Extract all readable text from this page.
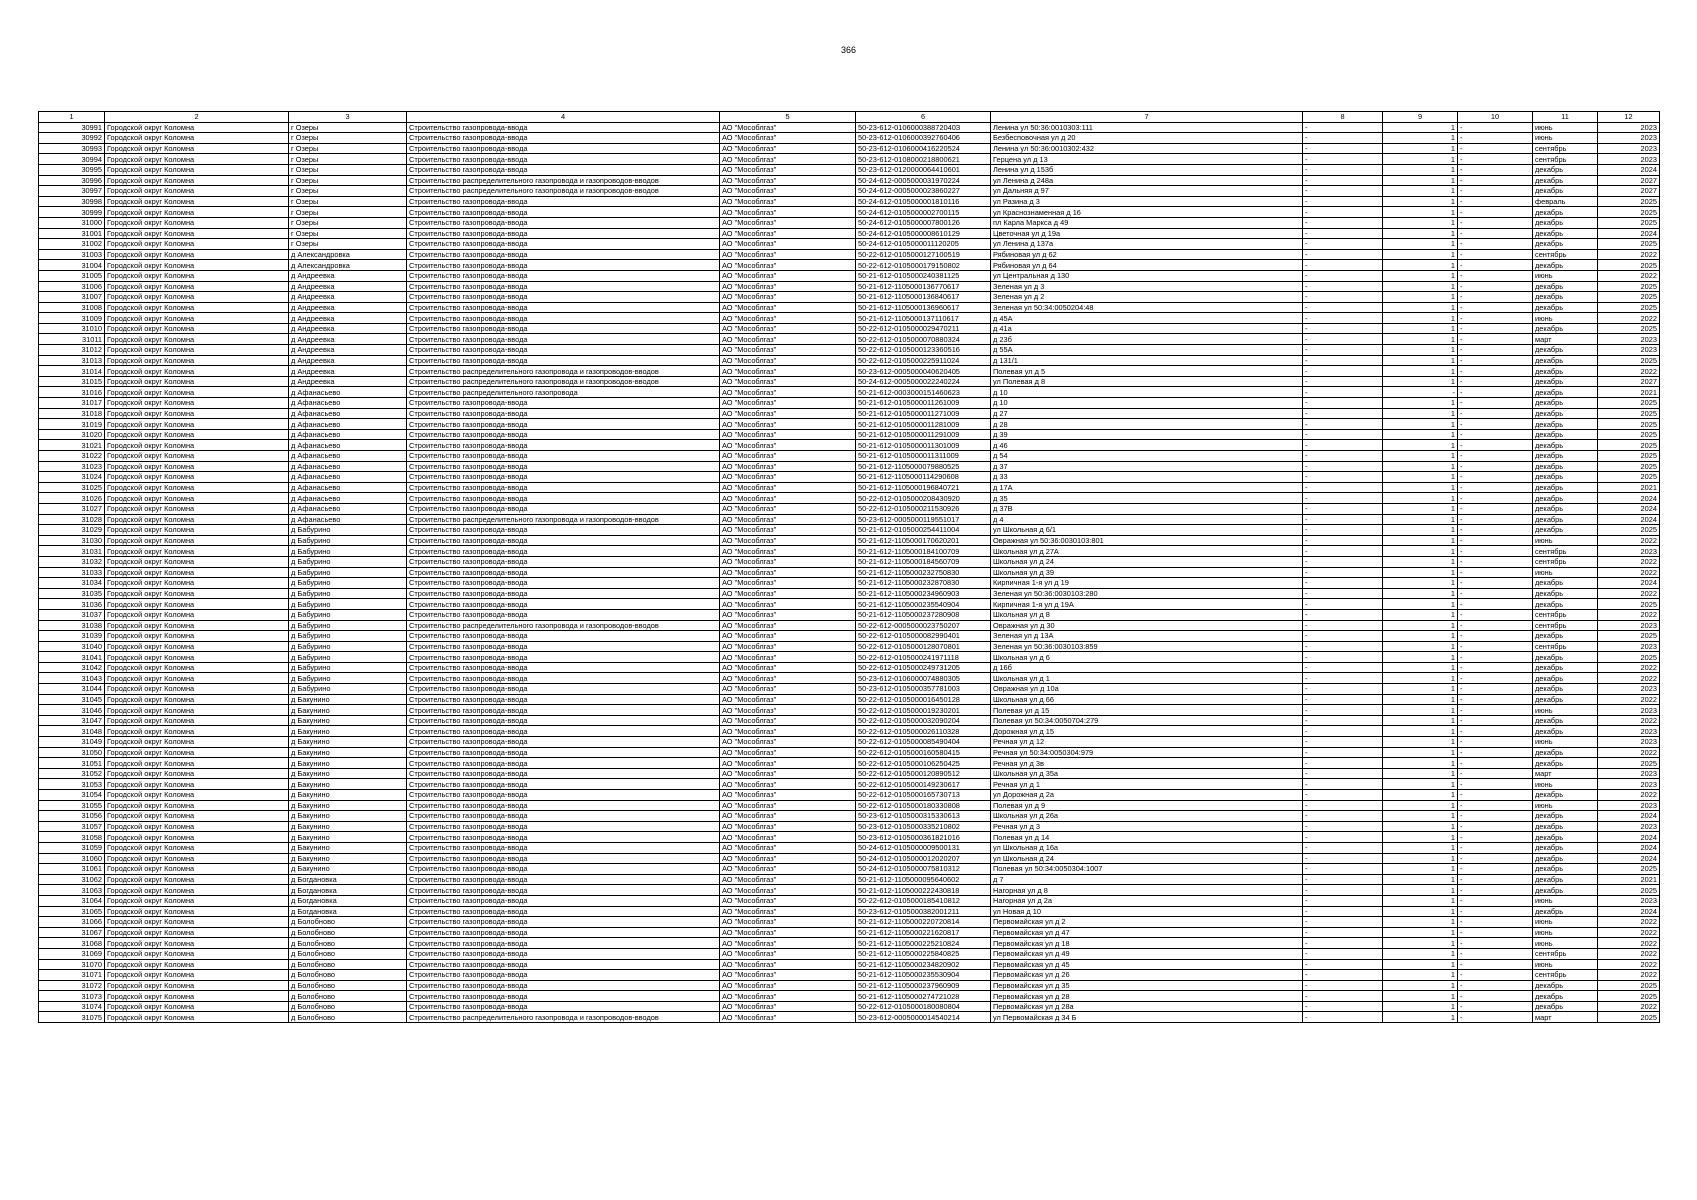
366
1	2	3	4	5	6	7	8	9	10	11	12
30991	Городской округ Коломна	г Озеры	Строительство газопровода-ввода	АО "Мособлгаз"	50-23-612-010600038872040З	Ленина ул 50:36:0010303:111	-	1	-	июнь	2023
30992	Городской округ Коломна	г Озеры	Строительство газопровода-ввода	АО "Мособлгаз"	50-23-612-0106000392760406	Безбесповочная ул д 20	-	1	-	июнь	2023
30993	Городской округ Коломна	г Озеры	Строительство газопровода-ввода	АО "Мособлгаз"	50-23-612-0106000416220524	Ленина ул 50:36:0010302:432	-	1	-	сентябрь	2023
30994	Городской округ Коломна	г Озеры	Строительство газопровода-ввода	АО "Мособлгаз"	50-23-612-0108000218800621	Герцена ул д 13	-	1	-	сентябрь	2023
30995	Городской округ Коломна	г Озеры	Строительство газопровода-ввода	АО "Мособлгаз"	50-23-612-0120000064410601	Ленина ул д 153б	-	1	-	декабрь	2024
30996	Городской округ Коломна	г Озеры	Строительство распределительного газопровода и газопроводов-вводов	АО "Мособлгаз"	50-24-612-0005000031970224	ул Ленина д 248а	-	1	-	декабрь	2027
30997	Городской округ Коломна	г Озеры	Строительство распределительного газопровода и газопроводов-вводов	АО "Мособлгаз"	50-24-612-0005000023860227	ул Дальняя д 97	-	1	-	декабрь	2027
30998	Городской округ Коломна	г Озеры	Строительство газопровода-ввода	АО "Мособлгаз"	50-24-612-0105000001810116	ул Разина д 3	-	1	-	февраль	2025
30999	Городской округ Коломна	г Озеры	Строительство газопровода-ввода	АО "Мособлгаз"	50-24-612-0105000002700115	ул Краснознаменная д 16	-	1	-	декабрь	2025
31000	Городской округ Коломна	г Озеры	Строительство газопровода-ввода	АО "Мособлгаз"	50-24-612-0105000007800126	пл Карла Маркса д 49	-	1	-	декабрь	2025
31001	Городской округ Коломна	г Озеры	Строительство газопровода-ввода	АО "Мособлгаз"	50-24-612-0105000008610129	Цветочная ул д 19а	-	1	-	декабрь	2024
31002	Городской округ Коломна	г Озеры	Строительство газопровода-ввода	АО "Мособлгаз"	50-24-612-0105000011120205	ул Ленина д 137а	-	1	-	декабрь	2025
31003	Городской округ Коломна	д Александровка	Строительство газопровода-ввода	АО "Мособлгаз"	50-22-612-0105000127100519	Рябиновая ул д 62	-	1	-	сентябрь	2022
31004	Городской округ Коломна	д Александровка	Строительство газопровода-ввода	АО "Мособлгаз"	50-22-612-0105000179150802	Рябиновая ул д 64	-	1	-	декабрь	2025
31005	Городской округ Коломна	д Андреевка	Строительство газопровода-ввода	АО "Мособлгаз"	50-21-612-0105000240381125	ул Центральная д 130	-	1	-	июнь	2022
31006	Городской округ Коломна	д Андреевка	Строительство газопровода-ввода	АО "Мособлгаз"	50-21-612-1105000136770617	Зеленая ул д 3	-	1	-	декабрь	2025
31007	Городской округ Коломна	д Андреевка	Строительство газопровода-ввода	АО "Мособлгаз"	50-21-612-1105000136840617	Зеленая ул д 2	-	1	-	декабрь	2025
31008	Городской округ Коломна	д Андреевка	Строительство газопровода-ввода	АО "Мособлгаз"	50-21-612-1105000136960617	Зеленая ул 50:34:0050204:48	-	1	-	декабрь	2025
31009	Городской округ Коломна	д Андреевка	Строительство газопровода-ввода	АО "Мособлгаз"	50-21-612-1105000137110617	д 45А	-	1	-	июнь	2022
31010	Городской округ Коломна	д Андреевка	Строительство газопровода-ввода	АО "Мособлгаз"	50-22-612-0105000029470211	д 41а	-	1	-	декабрь	2025
31011	Городской округ Коломна	д Андреевка	Строительство газопровода-ввода	АО "Мособлгаз"	50-22-612-0105000070880324	д 23б	-	1	-	март	2023
31012	Городской округ Коломна	д Андреевка	Строительство газопровода-ввода	АО "Мособлгаз"	50-22-612-0105000123360516	д 55А	-	1	-	декабрь	2023
31013	Городской округ Коломна	д Андреевка	Строительство газопровода-ввода	АО "Мособлгаз"	50-22-612-0105000225911024	д 131/1	-	1	-	декабрь	2025
31014	Городской округ Коломна	д Андреевка	Строительство распределительного газопровода и газопроводов-вводов	АО "Мособлгаз"	50-23-612-0005000040620405	Полевая ул д 5	-	1	-	декабрь	2022
31015	Городской округ Коломна	д Андреевка	Строительство распределительного газопровода и газопроводов-вводов	АО "Мособлгаз"	50-24-612-0005000022240224	ул Полевая д 8	-	1	-	декабрь	2027
31016	Городской округ Коломна	д Афанасьево	Строительство распределительного газопровода	АО "Мособлгаз"	50-21-612-0003000151460623	д 10	-	-	-	декабрь	2021
31017	Городской округ Коломна	д Афанасьево	Строительство газопровода-ввода	АО "Мособлгаз"	50-21-612-0105000011261009	д 10	-	1	-	декабрь	2025
31018	Городской округ Коломна	д Афанасьево	Строительство газопровода-ввода	АО "Мособлгаз"	50-21-612-0105000011271009	д 27	-	1	-	декабрь	2025
31019	Городской округ Коломна	д Афанасьево	Строительство газопровода-ввода	АО "Мособлгаз"	50-21-612-0105000011281009	д 28	-	1	-	декабрь	2025
31020	Городской округ Коломна	д Афанасьево	Строительство газопровода-ввода	АО "Мособлгаз"	50-21-612-0105000011291009	д 39	-	1	-	декабрь	2025
31021	Городской округ Коломна	д Афанасьево	Строительство газопровода-ввода	АО "Мособлгаз"	50-21-612-0105000011301009	д 46	-	1	-	декабрь	2025
31022	Городской округ Коломна	д Афанасьево	Строительство газопровода-ввода	АО "Мособлгаз"	50-21-612-0105000011311009	д 54	-	1	-	декабрь	2025
31023	Городской округ Коломна	д Афанасьево	Строительство газопровода-ввода	АО "Мособлгаз"	50-21-612-1105000079880525	д 37	-	1	-	декабрь	2025
31024	Городской округ Коломна	д Афанасьево	Строительство газопровода-ввода	АО "Мособлгаз"	50-21-612-1105000114290608	д 33	-	1	-	декабрь	2025
31025	Городской округ Коломна	д Афанасьево	Строительство газопровода-ввода	АО "Мособлгаз"	50-21-612-1105000196840721	д 17А	-	1	-	декабрь	2021
31026	Городской округ Коломна	д Афанасьево	Строительство газопровода-ввода	АО "Мособлгаз"	50-22-612-0105000208430920	д 35	-	1	-	декабрь	2024
31027	Городской округ Коломна	д Афанасьево	Строительство газопровода-ввода	АО "Мособлгаз"	50-22-612-0105000211530926	д 37В	-	1	-	декабрь	2024
31028	Городской округ Коломна	д Афанасьево	Строительство распределительного газопровода и газопроводов-вводов	АО "Мособлгаз"	50-23-612-0005000119551017	д 4	-	1	-	декабрь	2024
31029	Городской округ Коломна	д Бабурино	Строительство газопровода-ввода	АО "Мособлгаз"	50-21-612-0105000254411004	ул Школьная д 6/1	-	1	-	декабрь	2025
31030	Городской округ Коломна	д Бабурино	Строительство газопровода-ввода	АО "Мособлгаз"	50-21-612-1105000170620201	Овражная ул 50:36:0030103:801	-	1	-	июнь	2022
31031	Городской округ Коломна	д Бабурино	Строительство газопровода-ввода	АО "Мособлгаз"	50-21-612-1105000184100709	Школьная ул д 27А	-	1	-	сентябрь	2023
31032	Городской округ Коломна	д Бабурино	Строительство газопровода-ввода	АО "Мособлгаз"	50-21-612-1105000184560709	Школьная ул д 24	-	1	-	сентябрь	2022
31033	Городской округ Коломна	д Бабурино	Строительство газопровода-ввода	АО "Мособлгаз"	50-21-612-1105000232750830	Школьная ул д 39	-	1	-	июнь	2022
31034	Городской округ Коломна	д Бабурино	Строительство газопровода-ввода	АО "Мособлгаз"	50-21-612-1105000232870830	Кирпичная 1-я ул д 19	-	1	-	декабрь	2024
31035	Городской округ Коломна	д Бабурино	Строительство газопровода-ввода	АО "Мособлгаз"	50-21-612-1105000234960903	Зеленая ул 50:36:0030103:280	-	1	-	декабрь	2022
31036	Городской округ Коломна	д Бабурино	Строительство газопровода-ввода	АО "Мособлгаз"	50-21-612-1105000235540904	Кирпичная 1-я ул д 19А	-	1	-	декабрь	2025
31037	Городской округ Коломна	д Бабурино	Строительство газопровода-ввода	АО "Мособлгаз"	50-21-612-1105000237280908	Школьная ул д 8	-	1	-	сентябрь	2022
31038	Городской округ Коломна	д Бабурино	Строительство распределительного газопровода и газопроводов-вводов	АО "Мособлгаз"	50-22-612-0005000023750207	Овражная ул д 30	-	1	-	сентябрь	2023
31039	Городской округ Коломна	д Бабурино	Строительство газопровода-ввода	АО "Мособлгаз"	50-22-612-0105000082990401	Зеленая ул д 13А	-	1	-	декабрь	2025
31040	Городской округ Коломна	д Бабурино	Строительство газопровода-ввода	АО "Мособлгаз"	50-22-612-0105000128070801	Зеленая ул 50:36:0030103:859	-	1	-	сентябрь	2023
31041	Городской округ Коломна	д Бабурино	Строительство газопровода-ввода	АО "Мособлгаз"	50-22-612-0105000241971118	Школьная ул д 6	-	1	-	декабрь	2025
31042	Городской округ Коломна	д Бабурино	Строительство газопровода-ввода	АО "Мособлгаз"	50-22-612-0105000249731205	д 16б	-	1	-	декабрь	2022
31043	Городской округ Коломна	д Бабурино	Строительство газопровода-ввода	АО "Мособлгаз"	50-23-612-0106000074880305	Школьная ул д 1	-	1	-	декабрь	2022
31044	Городской округ Коломна	д Бабурино	Строительство газопровода-ввода	АО "Мособлгаз"	50-23-612-0105000357781003	Овражная ул д 10а	-	1	-	декабрь	2023
31045	Городской округ Коломна	д Бакунино	Строительство газопровода-ввода	АО "Мособлгаз"	50-22-612-0105000016450128	Школьная ул д 66	-	1	-	декабрь	2022
31046	Городской округ Коломна	д Бакунино	Строительство газопровода-ввода	АО "Мособлгаз"	50-22-612-0105000019230201	Полевая ул д 15	-	1	-	июнь	2023
31047	Городской округ Коломна	д Бакунино	Строительство газопровода-ввода	АО "Мособлгаз"	50-22-612-0105000032090204	Полевая ул 50:34:0050704:279	-	1	-	декабрь	2022
31048	Городской округ Коломна	д Бакунино	Строительство газопровода-ввода	АО "Мособлгаз"	50-22-612-0105000026110328	Дорожная ул д 15	-	1	-	декабрь	2023
31049	Городской округ Коломна	д Бакунино	Строительство газопровода-ввода	АО "Мособлгаз"	50-22-612-0105000085490404	Речная ул д 12	-	1	-	июнь	2023
31050	Городской округ Коломна	д Бакунино	Строительство газопровода-ввода	АО "Мособлгаз"	50-22-612-0105000160580415	Речная ул 50:34:0050304:979	-	1	-	декабрь	2022
31051	Городской округ Коломна	д Бакунино	Строительство газопровода-ввода	АО "Мособлгаз"	50-22-612-0105000106250425	Речная ул д 3в	-	1	-	декабрь	2025
31052	Городской округ Коломна	д Бакунино	Строительство газопровода-ввода	АО "Мособлгаз"	50-22-612-0105000120890512	Школьная ул д 35а	-	1	-	март	2023
31053	Городской округ Коломна	д Бакунино	Строительство газопровода-ввода	АО "Мособлгаз"	50-22-612-0105000149230617	Речная ул д 1	-	1	-	июнь	2023
31054	Городской округ Коломна	д Бакунино	Строительство газопровода-ввода	АО "Мособлгаз"	50-22-612-0105000165730713	ул Дорожная д 2а	-	1	-	декабрь	2022
31055	Городской округ Коломна	д Бакунино	Строительство газопровода-ввода	АО "Мособлгаз"	50-22-612-0105000180330808	Полевая ул д 9	-	1	-	июнь	2023
31056	Городской округ Коломна	д Бакунино	Строительство газопровода-ввода	АО "Мособлгаз"	50-23-612-0105000315330613	Школьная ул д 26а	-	1	-	декабрь	2024
31057	Городской округ Коломна	д Бакунино	Строительство газопровода-ввода	АО "Мособлгаз"	50-23-612-0105000335210802	Речная ул д 3	-	1	-	декабрь	2023
31058	Городской округ Коломна	д Бакунино	Строительство газопровода-ввода	АО "Мособлгаз"	50-23-612-0105000361821016	Полевая ул д 14	-	1	-	декабрь	2024
31059	Городской округ Коломна	д Бакунино	Строительство газопровода-ввода	АО "Мособлгаз"	50-24-612-0105000009500131	ул Школьная д 16а	-	1	-	декабрь	2024
31060	Городской округ Коломна	д Бакунино	Строительство газопровода-ввода	АО "Мособлгаз"	50-24-612-0105000012020207	ул Школьная д 24	-	1	-	декабрь	2024
31061	Городской округ Коломна	д Бакунино	Строительство газопровода-ввода	АО "Мособлгаз"	50-24-612-0105000075810312	Полевая ул 50:34:0050304:1007	-	1	-	декабрь	2025
31062	Городской округ Коломна	д Богдановка	Строительство газопровода-ввода	АО "Мособлгаз"	50-21-612-1105000095640602	д 7	-	1	-	декабрь	2021
31063	Городской округ Коломна	д Богдановка	Строительство газопровода-ввода	АО "Мособлгаз"	50-21-612-1105000222430818	Нагорная ул д 8	-	1	-	декабрь	2025
31064	Городской округ Коломна	д Богдановка	Строительство газопровода-ввода	АО "Мособлгаз"	50-22-612-0105000185410812	Нагорная ул д 2а	-	1	-	июнь	2023
31065	Городской округ Коломна	д Богдановка	Строительство газопровода-ввода	АО "Мособлгаз"	50-23-612-0105000382001211	ул Новая д 10	-	1	-	декабрь	2024
31066	Городской округ Коломна	д Болобново	Строительство газопровода-ввода	АО "Мособлгаз"	50-21-612-1105000220720814	Первомайская ул д 2	-	1	-	июнь	2022
31067	Городской округ Коломна	д Болобново	Строительство газопровода-ввода	АО "Мособлгаз"	50-21-612-1105000221620817	Первомайская ул д 47	-	1	-	июнь	2022
31068	Городской округ Коломна	д Болобново	Строительство газопровода-ввода	АО "Мособлгаз"	50-21-612-1105000225210824	Первомайская ул д 18	-	1	-	июнь	2022
31069	Городской округ Коломна	д Болобново	Строительство газопровода-ввода	АО "Мособлгаз"	50-21-612-1105000225840825	Первомайская ул д 49	-	1	-	сентябрь	2022
31070	Городской округ Коломна	д Болобново	Строительство газопровода-ввода	АО "Мособлгаз"	50-21-612-1105000234820902	Первомайская ул д 45	-	1	-	июнь	2022
31071	Городской округ Коломна	д Болобново	Строительство газопровода-ввода	АО "Мособлгаз"	50-21-612-1105000235530904	Первомайская ул д 26	-	1	-	сентябрь	2022
31072	Городской округ Коломна	д Болобново	Строительство газопровода-ввода	АО "Мособлгаз"	50-21-612-1105000237960909	Первомайская ул д 35	-	1	-	декабрь	2025
31073	Городской округ Коломна	д Болобново	Строительство газопровода-ввода	АО "Мособлгаз"	50-21-612-1105000274721028	Первомайская ул д 28	-	1	-	декабрь	2025
31074	Городской округ Коломна	д Болобново	Строительство газопровода-ввода	АО "Мособлгаз"	50-22-612-0105000180080804	Первомайская ул д 28а	-	1	-	декабрь	2022
31075	Городской округ Коломна	д Болобново	Строительство распределительного газопровода и газопроводов-вводов	АО "Мособлгаз"	50-23-612-0005000014540214	ул Первомайская д 34 Б	-	1	-	март	2025
